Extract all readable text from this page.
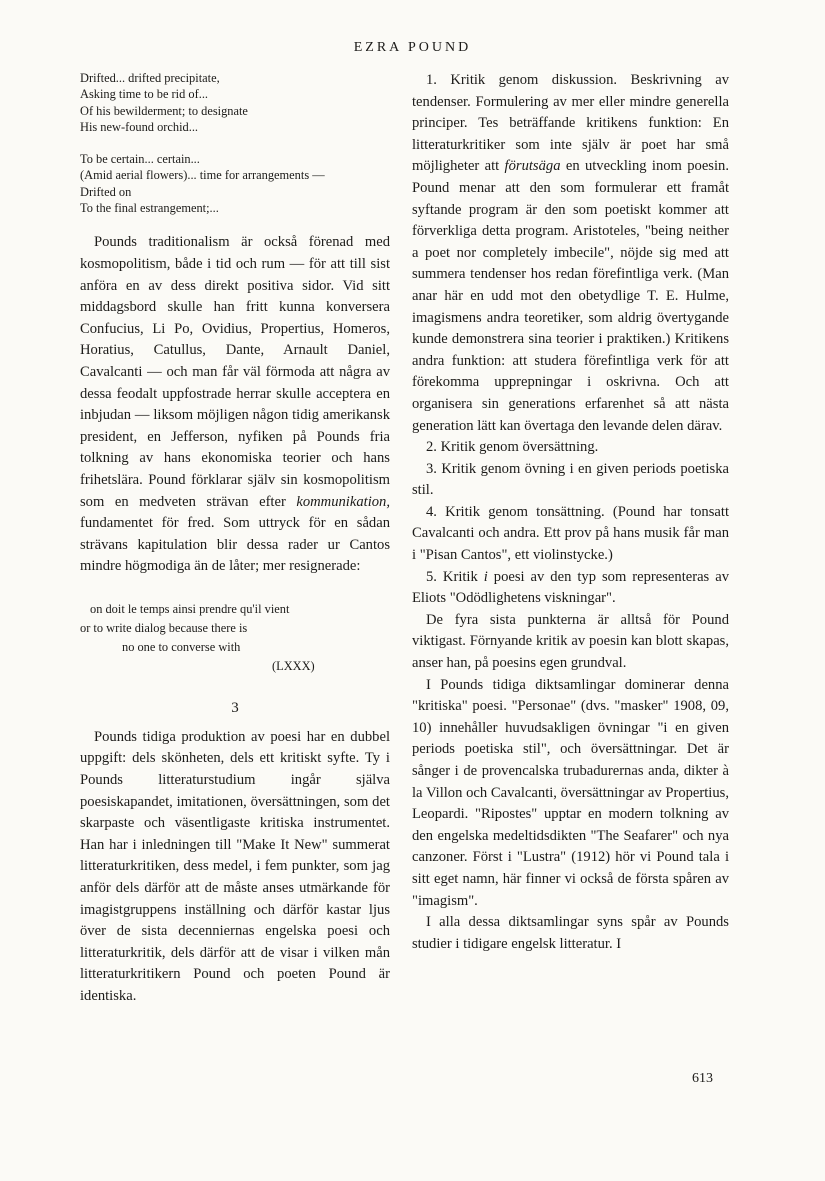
EZRA POUND
Drifted... drifted precipitate,
Asking time to be rid of...
Of his bewilderment; to designate
His new-found orchid...
To be certain... certain...
(Amid aerial flowers)... time for arrangements —
Drifted on
To the final estrangement;...

Pounds traditionalism är också förenad med kosmopolitism, både i tid och rum — för att till sist anföra en av dess direkt positiva sidor. Vid sitt middagsbord skulle han fritt kunna konversera Confucius, Li Po, Ovidius, Propertius, Homeros, Horatius, Catullus, Dante, Arnault Daniel, Cavalcanti — och man får väl förmoda att några av dessa feodalt uppfostrade herrar skulle acceptera en inbjudan — liksom möjligen någon tidig amerikansk president, en Jefferson, nyfiken på Pounds fria tolkning av hans ekonomiska teorier och hans frihetslära. Pound förklarar själv sin kosmopolitism som en medveten strävan efter kommunikation, fundamentet för fred. Som uttryck för en sådan strävans kapitulation blir dessa rader ur Cantos mindre högmodiga än de låter; mer resignerade:

on doit le temps ainsi prendre qu'il vient
or to write dialog because there is
no one to converse with
(LXXX)
3

Pounds tidiga produktion av poesi har en dubbel uppgift: dels skönheten, dels ett kritiskt syfte. Ty i Pounds litteraturstudium ingår själva poesiskapandet, imitationen, översättningen, som det skarpaste och väsentligaste kritiska instrumentet. Han har i inledningen till "Make It New" summerat litteraturkritiken, dess medel, i fem punkter, som jag anför dels därför att de måste anses utmärkande för imagistgruppens inställning och därför kastar ljus över de sista decenniernas engelska poesi och litteraturkritik, dels därför att de visar i vilken mån litteraturkritikern Pound och poeten Pound är identiska.

1. Kritik genom diskussion. Beskrivning av tendenser. Formulering av mer eller mindre generella principer. Tes beträffande kritikens funktion: En litteraturkritiker som inte själv är poet har små möjligheter att förutsäga en utveckling inom poesin. Pound menar att den som formulerar ett framåt syftande program är den som poetiskt kommer att förverkliga detta program. Aristoteles, "being neither a poet nor completely imbecile", nöjde sig med att summera tendenser hos redan förefintliga verk. (Man anar här en udd mot den obetydlige T. E. Hulme, imagismens andra teoretiker, som aldrig övertygande kunde demonstrera sina teorier i praktiken.) Kritikens andra funktion: att studera förefintliga verk för att förekomma upprepningar i oskrivna. Och att organisera sin generations erfarenhet så att nästa generation lätt kan övertaga den levande delen därav.

2. Kritik genom översättning.

3. Kritik genom övning i en given periods poetiska stil.

4. Kritik genom tonsättning. (Pound har tonsatt Cavalcanti och andra. Ett prov på hans musik får man i "Pisan Cantos", ett violinstycke.)

5. Kritik i poesi av den typ som representeras av Eliots "Odödlighetens viskningar".

De fyra sista punkterna är alltså för Pound viktigast. Förnyande kritik av poesin kan blott skapas, anser han, på poesins egen grundval.

I Pounds tidiga diktsamlingar dominerar denna "kritiska" poesi. "Personae" (dvs. "masker" 1908, 09, 10) innehåller huvudsakligen övningar "i en given periods poetiska stil", och översättningar. Det är sånger i de provencalska trubadurernas anda, dikter à la Villon och Cavalcanti, översättningar av Propertius, Leopardi. "Ripostes" upptar en modern tolkning av den engelska medeltidsdikten "The Seafarer" och nya canzoner. Först i "Lustra" (1912) hör vi Pound tala i sitt eget namn, här finner vi också de första spåren av "imagism".

I alla dessa diktsamlingar syns spår av Pounds studier i tidigare engelsk litteratur. I

613
